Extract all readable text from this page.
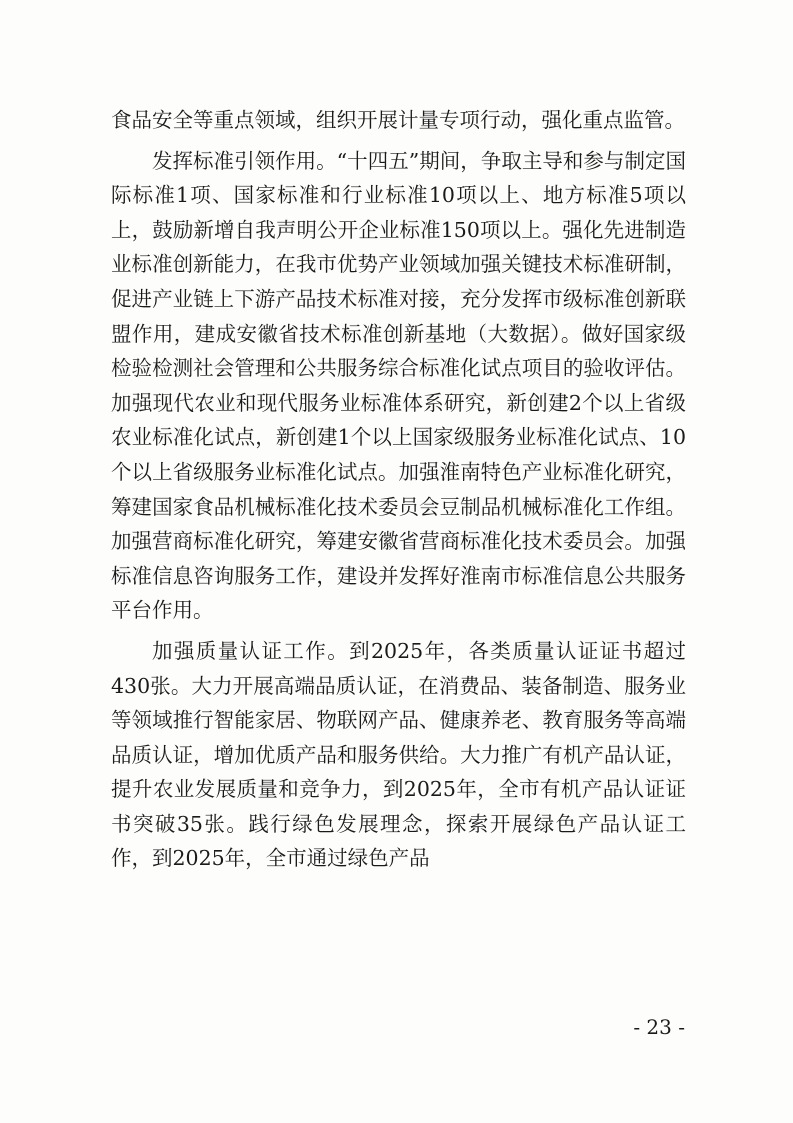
食品安全等重点领域，组织开展计量专项行动，强化重点监管。

发挥标准引领作用。“十四五”期间，争取主导和参与制定国际标准1项、国家标准和行业标准10项以上、地方标准5项以上，鼓励新增自我声明公开企业标准150项以上。强化先进制造业标准创新能力，在我市优势产业领域加强关键技术标准研制，促进产业链上下游产品技术标准对接，充分发挥市级标准创新联盟作用，建成安徽省技术标准创新基地（大数据）。做好国家级检验检测社会管理和公共服务综合标准化试点项目的验收评估。加强现代农业和现代服务业标准体系研究，新创建2个以上省级农业标准化试点，新创建1个以上国家级服务业标准化试点、10个以上省级服务业标准化试点。加强淮南特色产业标准化研究，筹建国家食品机械标准化技术委员会豆制品机械标准化工作组。加强营商标准化研究，筹建安徽省营商标准化技术委员会。加强标准信息咨询服务工作，建设并发挥好淮南市标准信息公共服务平台作用。

加强质量认证工作。到2025年，各类质量认证证书超过430张。大力开展高端品质认证，在消费品、装备制造、服务业等领域推行智能家居、物联网产品、健康养老、教育服务等高端品质认证，增加优质产品和服务供给。大力推广有机产品认证，提升农业发展质量和竞争力，到2025年，全市有机产品认证证书突破35张。践行绿色发展理念，探索开展绿色产品认证工作，到2025年，全市通过绿色产品

- 23 -
